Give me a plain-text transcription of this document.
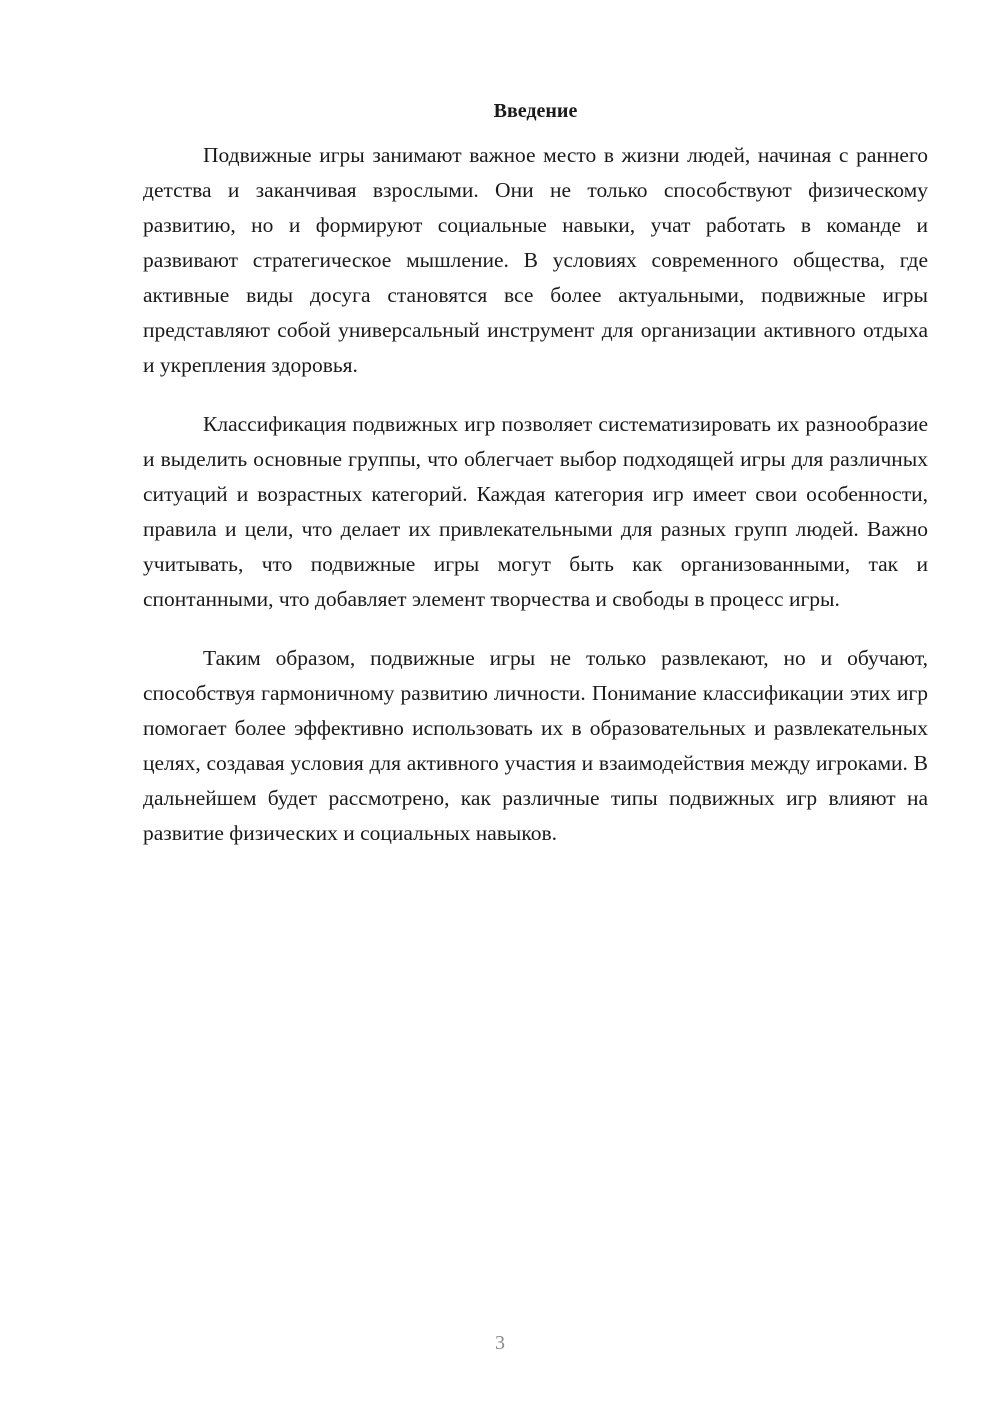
Введение

Подвижные игры занимают важное место в жизни людей, начиная с раннего детства и заканчивая взрослыми. Они не только способствуют физическому развитию, но и формируют социальные навыки, учат работать в команде и развивают стратегическое мышление. В условиях современного общества, где активные виды досуга становятся все более актуальными, подвижные игры представляют собой универсальный инструмент для организации активного отдыха и укрепления здоровья.

Классификация подвижных игр позволяет систематизировать их разнообразие и выделить основные группы, что облегчает выбор подходящей игры для различных ситуаций и возрастных категорий. Каждая категория игр имеет свои особенности, правила и цели, что делает их привлекательными для разных групп людей. Важно учитывать, что подвижные игры могут быть как организованными, так и спонтанными, что добавляет элемент творчества и свободы в процесс игры.

Таким образом, подвижные игры не только развлекают, но и обучают, способствуя гармоничному развитию личности. Понимание классификации этих игр помогает более эффективно использовать их в образовательных и развлекательных целях, создавая условия для активного участия и взаимодействия между игроками. В дальнейшем будет рассмотрено, как различные типы подвижных игр влияют на развитие физических и социальных навыков.

3
